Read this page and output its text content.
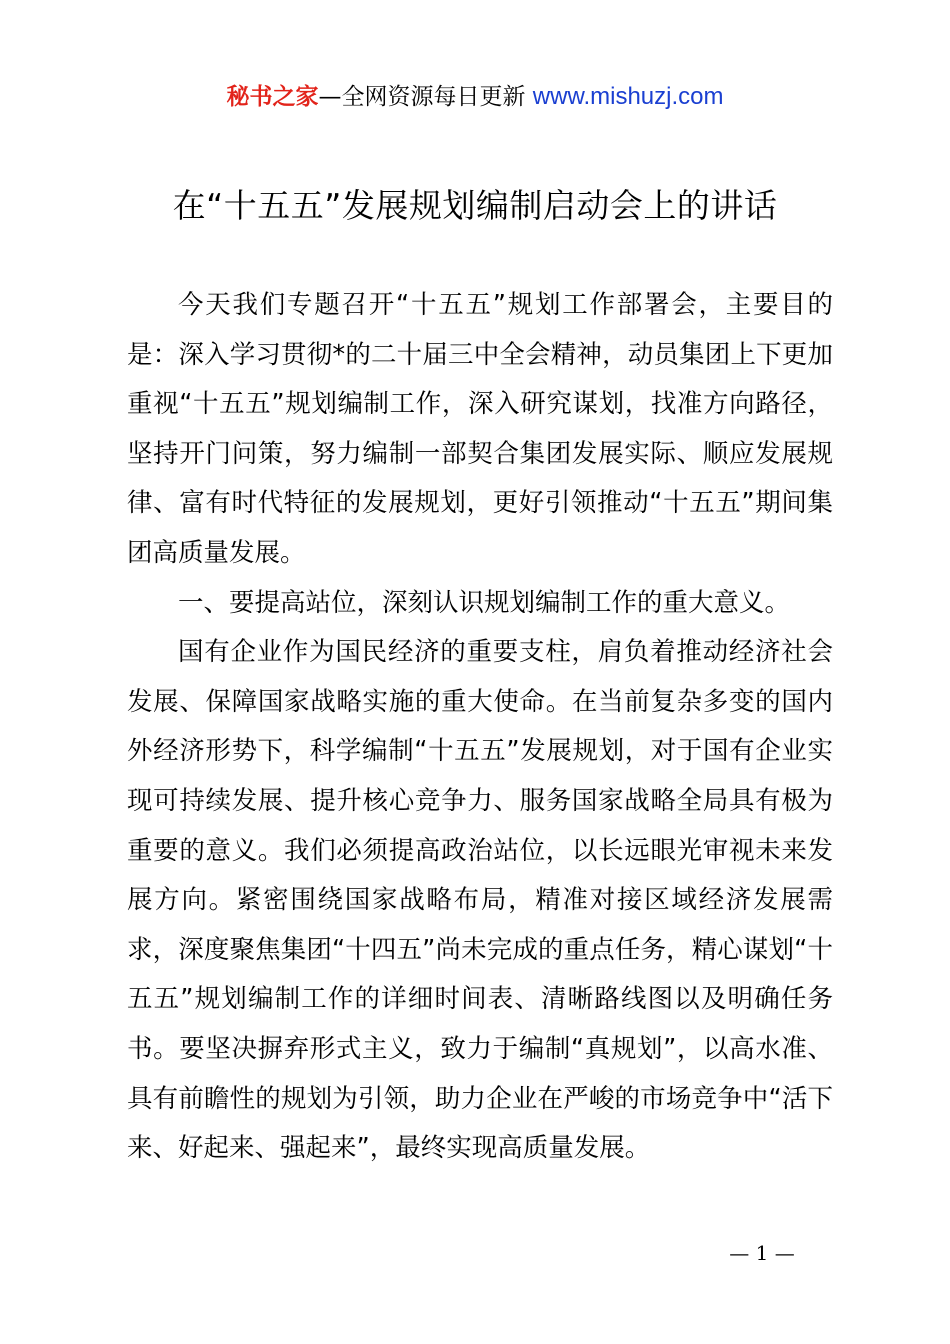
秘书之家—全网资源每日更新 www.mishuzj.com
在“十五五”发展规划编制启动会上的讲话

今天我们专题召开“十五五”规划工作部署会，主要目的是：深入学习贯彻*的二十届三中全会精神，动员集团上下更加重视“十五五”规划编制工作，深入研究谋划，找准方向路径，坚持开门问策，努力编制一部契合集团发展实际、顺应发展规律、富有时代特征的发展规划，更好引领推动“十五五”期间集团高质量发展。

一、要提高站位，深刻认识规划编制工作的重大意义。

国有企业作为国民经济的重要支柱，肩负着推动经济社会发展、保障国家战略实施的重大使命。在当前复杂多变的国内外经济形势下，科学编制“十五五”发展规划，对于国有企业实现可持续发展、提升核心竞争力、服务国家战略全局具有极为重要的意义。我们必须提高政治站位，以长远眼光审视未来发展方向。紧密围绕国家战略布局，精准对接区域经济发展需求，深度聚焦集团“十四五”尚未完成的重点任务，精心谋划“十五五”规划编制工作的详细时间表、清晰路线图以及明确任务书。要坚决摒弃形式主义，致力于编制“真规划”，以高水准、具有前瞻性的规划为引领，助力企业在严峻的市场竞争中“活下来、好起来、强起来”，最终实现高质量发展。

— 1 —
